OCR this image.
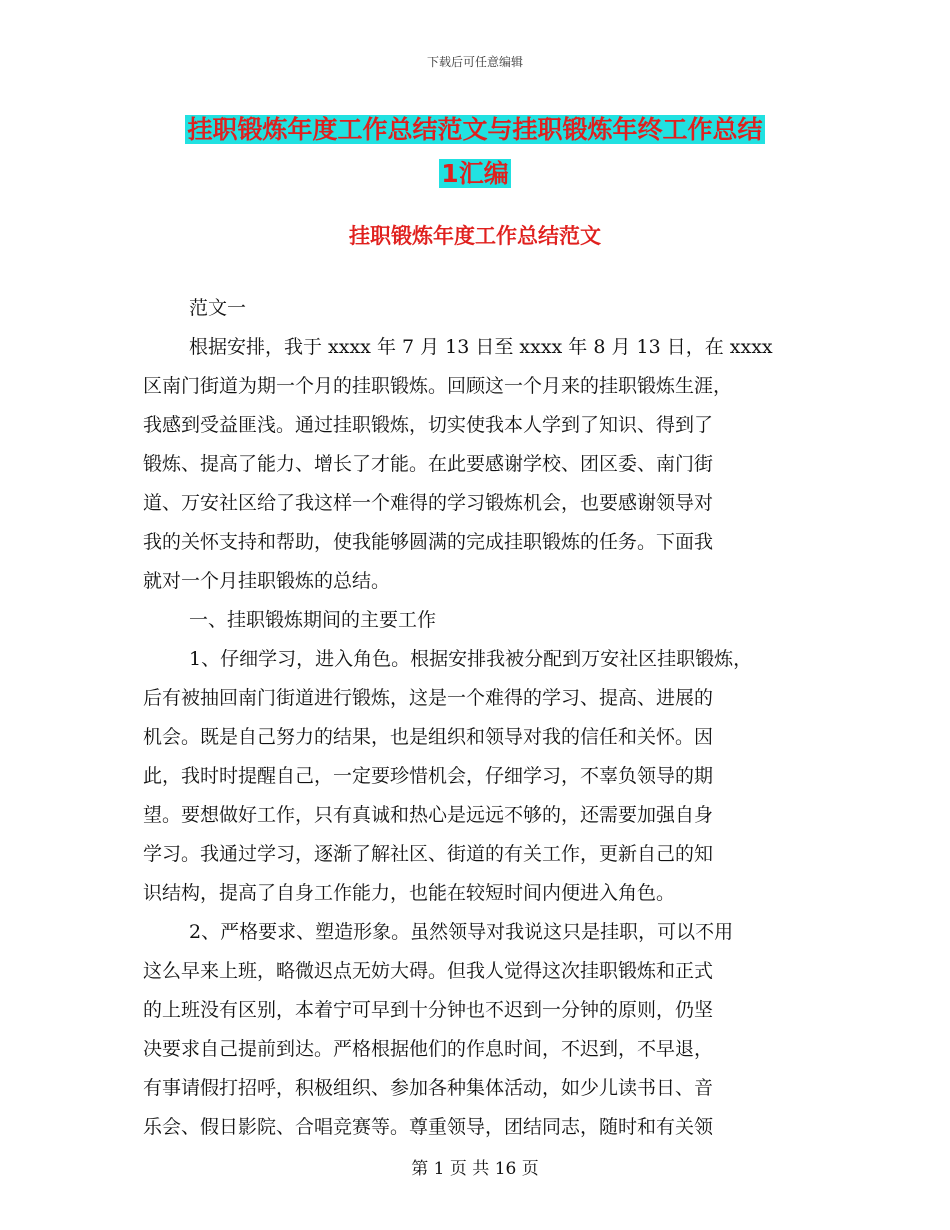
下载后可任意编辑
挂职锻炼年度工作总结范文与挂职锻炼年终工作总结
1汇编
挂职锻炼年度工作总结范文
范文一
根据安排，我于 xxxx 年 7 月 13 日至 xxxx 年 8 月 13 日，在 xxxx
区南门街道为期一个月的挂职锻炼。回顾这一个月来的挂职锻炼生涯，
我感到受益匪浅。通过挂职锻炼，切实使我本人学到了知识、得到了
锻炼、提高了能力、增长了才能。在此要感谢学校、团区委、南门街
道、万安社区给了我这样一个难得的学习锻炼机会，也要感谢领导对
我的关怀支持和帮助，使我能够圆满的完成挂职锻炼的任务。下面我
就对一个月挂职锻炼的总结。
一、挂职锻炼期间的主要工作
1、仔细学习，进入角色。根据安排我被分配到万安社区挂职锻炼，
后有被抽回南门街道进行锻炼，这是一个难得的学习、提高、进展的
机会。既是自己努力的结果，也是组织和领导对我的信任和关怀。因
此，我时时提醒自己，一定要珍惜机会，仔细学习，不辜负领导的期
望。要想做好工作，只有真诚和热心是远远不够的，还需要加强自身
学习。我通过学习，逐渐了解社区、街道的有关工作，更新自己的知
识结构，提高了自身工作能力，也能在较短时间内便进入角色。
2、严格要求、塑造形象。虽然领导对我说这只是挂职，可以不用
这么早来上班，略微迟点无妨大碍。但我人觉得这次挂职锻炼和正式
的上班没有区别，本着宁可早到十分钟也不迟到一分钟的原则，仍坚
决要求自己提前到达。严格根据他们的作息时间，不迟到，不早退，
有事请假打招呼，积极组织、参加各种集体活动，如少儿读书日、音
乐会、假日影院、合唱竞赛等。尊重领导，团结同志，随时和有关领
第 1 页 共 16 页
